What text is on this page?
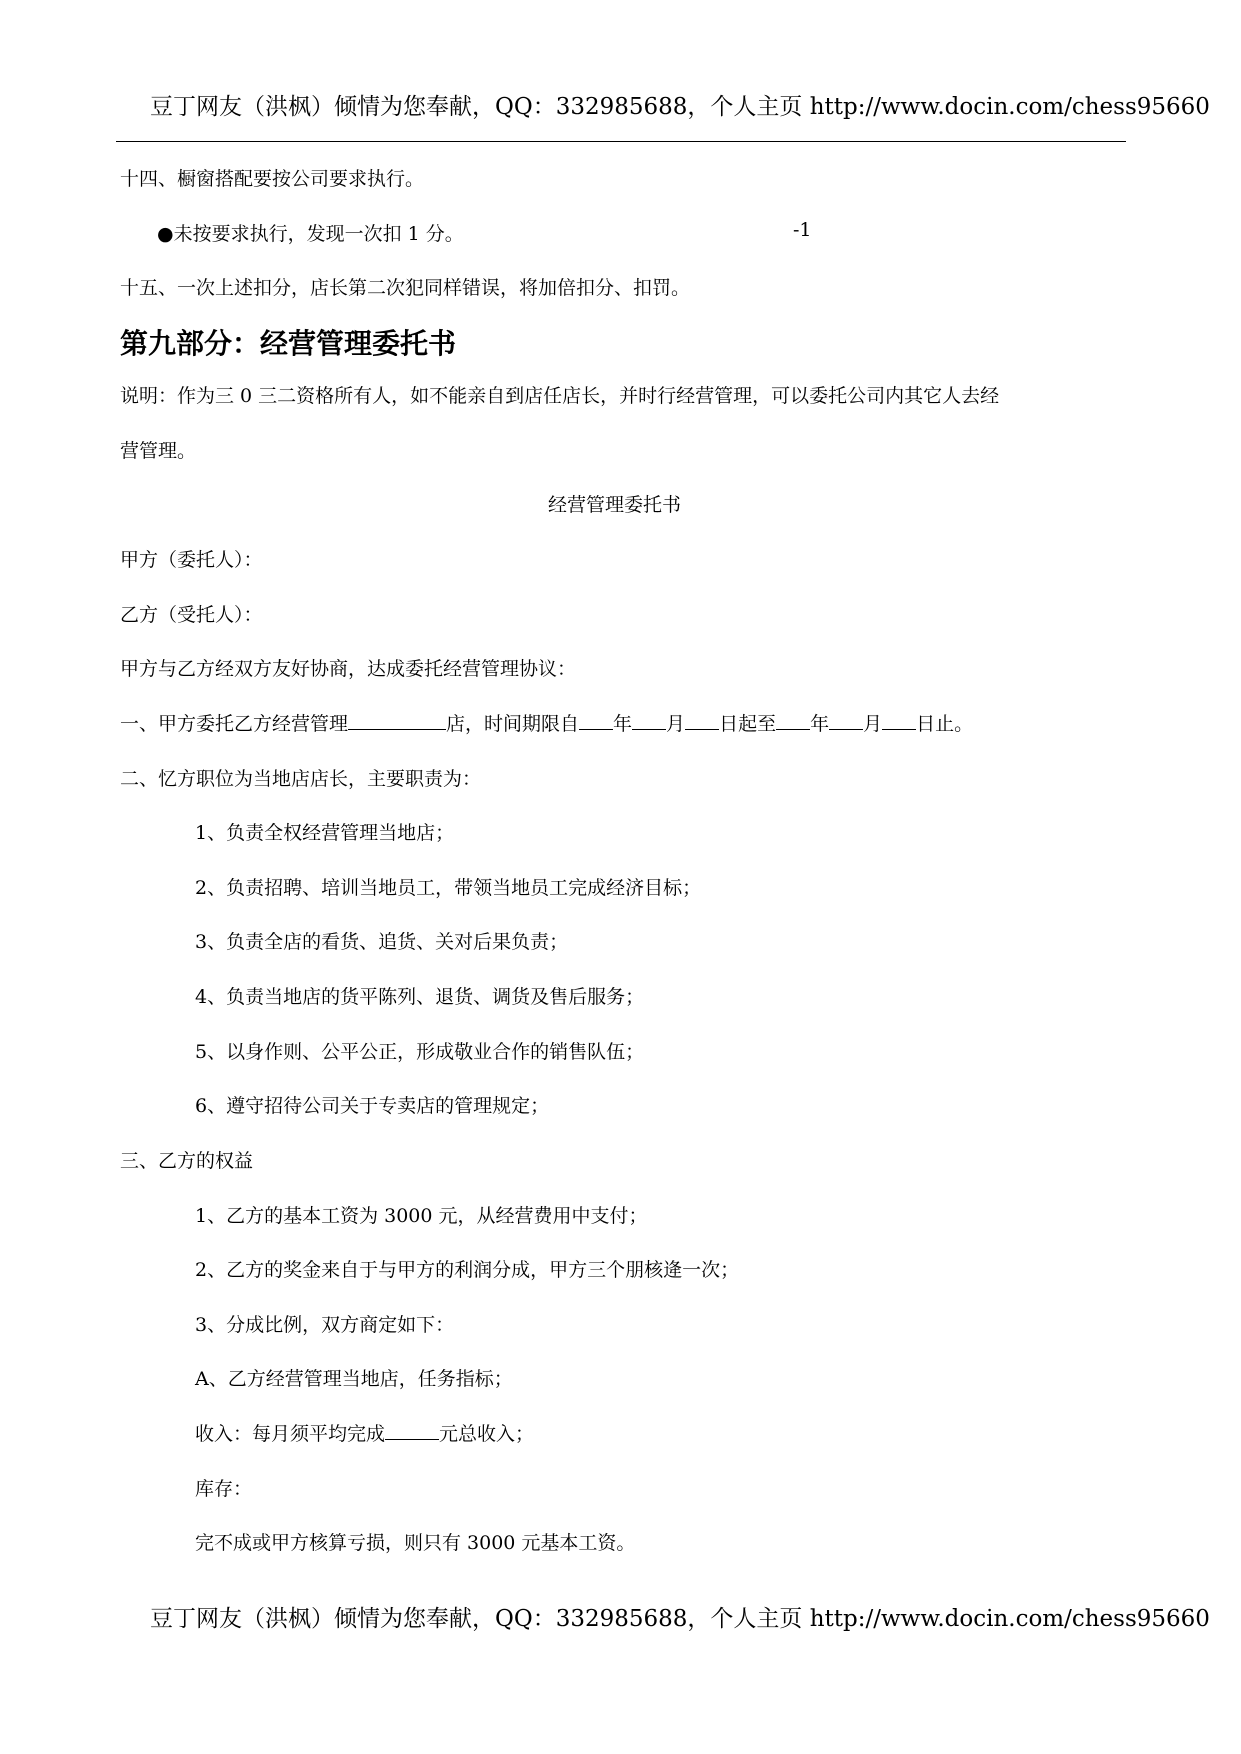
豆丁网友（洪枫）倾情为您奉献，QQ：332985688，个人主页 http://www.docin.com/chess95660
十四、橱窗搭配要按公司要求执行。
●未按要求执行，发现一次扣 1 分。	-1
十五、一次上述扣分，店长第二次犯同样错误，将加倍扣分、扣罚。
第九部分：经营管理委托书
说明：作为三 0 三二资格所有人，如不能亲自到店任店长，并时行经营管理，可以委托公司内其它人去经
营管理。
经营管理委托书
甲方（委托人）：
乙方（受托人）：
甲方与乙方经双方友好协商，达成委托经营管理协议：
一、甲方委托乙方经营管理	店，时间期限自 年 月 日起至 年 月 日止。
二、忆方职位为当地店店长，主要职责为：
1、负责全权经营管理当地店；
2、负责招聘、培训当地员工，带领当地员工完成经济目标；
3、负责全店的看货、追货、关对后果负责；
4、负责当地店的货平陈列、退货、调货及售后服务；
5、以身作则、公平公正，形成敬业合作的销售队伍；
6、遵守招待公司关于专卖店的管理规定；
三、乙方的权益
1、乙方的基本工资为 3000 元，从经营费用中支付；
2、乙方的奖金来自于与甲方的利润分成，甲方三个朋核逄一次；
3、分成比例，双方商定如下：
A、乙方经营管理当地店，任务指标；
收入：每月须平均完成	元总收入；
库存：
完不成或甲方核算亏损，则只有 3000 元基本工资。
豆丁网友（洪枫）倾情为您奉献，QQ：332985688，个人主页 http://www.docin.com/chess95660
